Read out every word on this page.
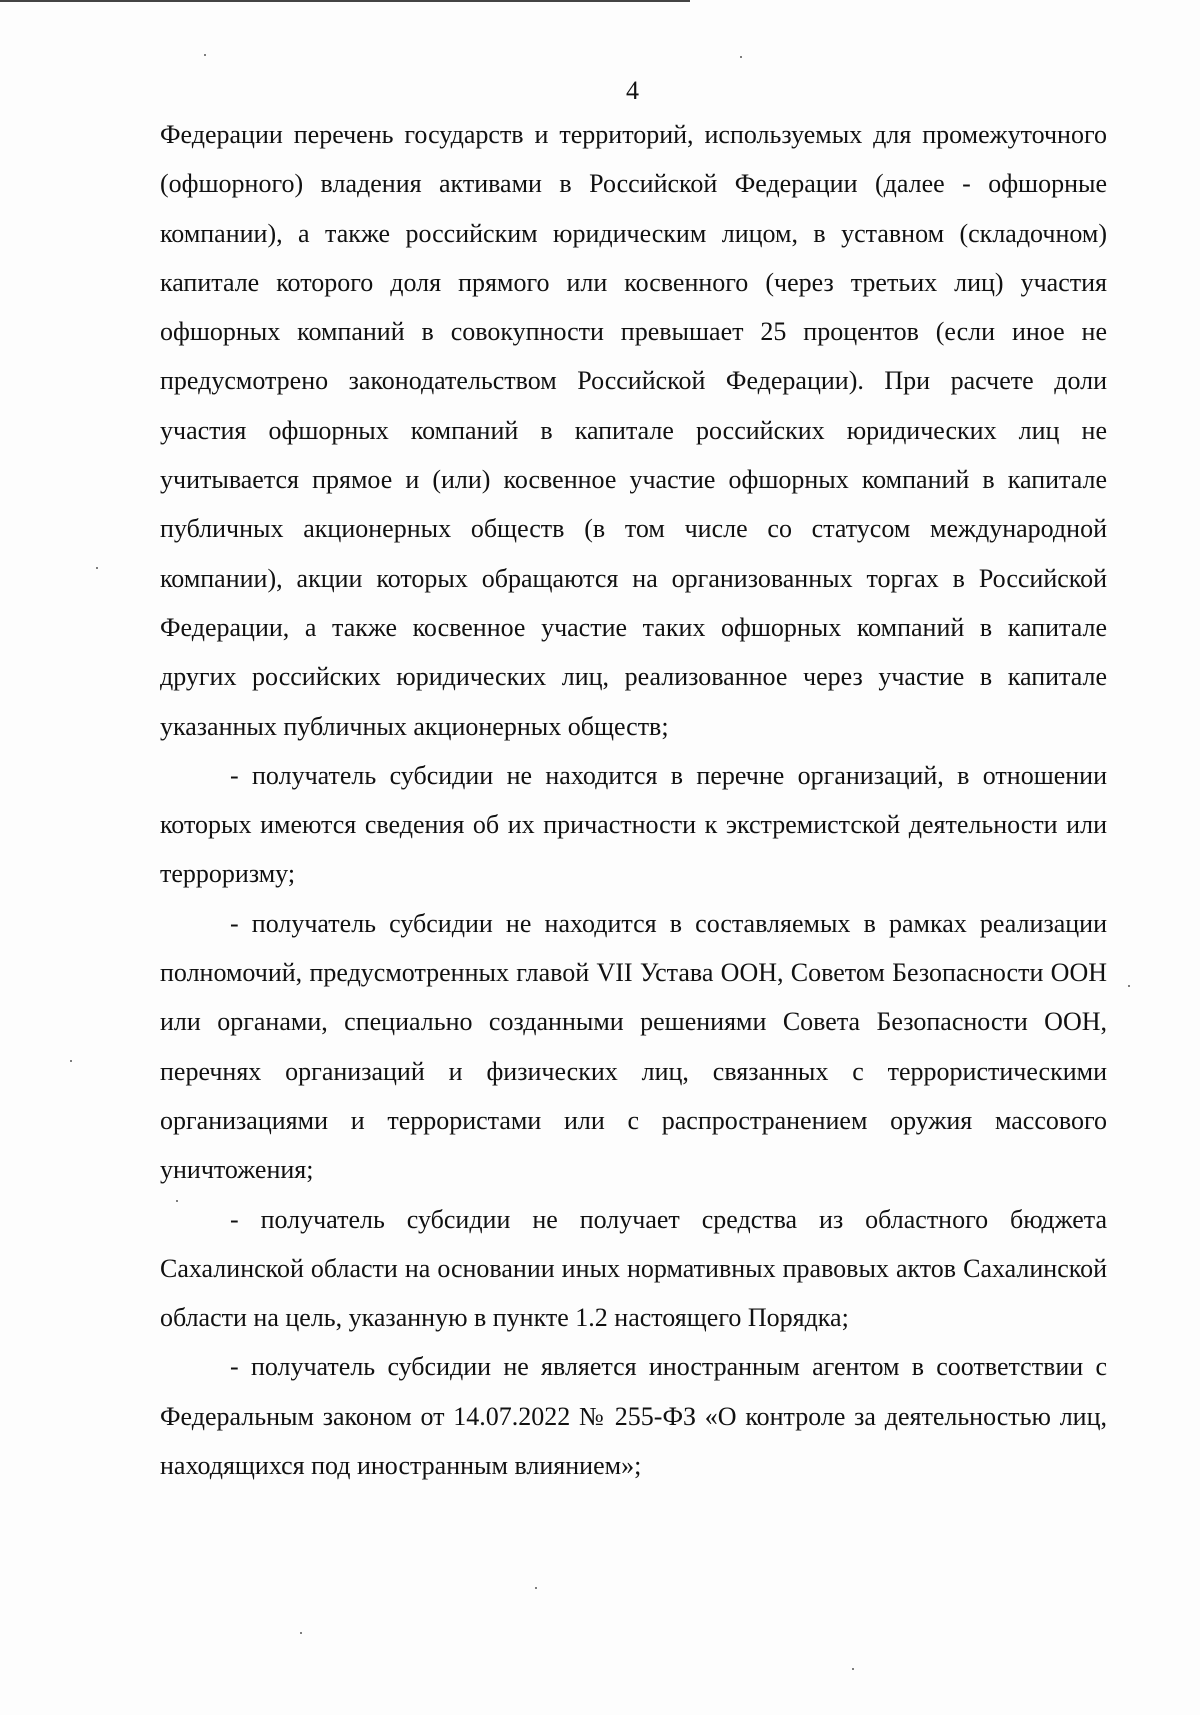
4

Федерации перечень государств и территорий, используемых для промежуточного (офшорного) владения активами в Российской Федерации (далее - офшорные компании), а также российским юридическим лицом, в уставном (складочном) капитале которого доля прямого или косвенного (через третьих лиц) участия офшорных компаний в совокупности превышает 25 процентов (если иное не предусмотрено законодательством Российской Федерации). При расчете доли участия офшорных компаний в капитале российских юридических лиц не учитывается прямое и (или) косвенное участие офшорных компаний в капитале публичных акционерных обществ (в том числе со статусом международной компании), акции которых обращаются на организованных торгах в Российской Федерации, а также косвенное участие таких офшорных компаний в капитале других российских юридических лиц, реализованное через участие в капитале указанных публичных акционерных обществ;

- получатель субсидии не находится в перечне организаций, в отношении которых имеются сведения об их причастности к экстремистской деятельности или терроризму;

- получатель субсидии не находится в составляемых в рамках реализации полномочий, предусмотренных главой VII Устава ООН, Советом Безопасности ООН или органами, специально созданными решениями Совета Безопасности ООН, перечнях организаций и физических лиц, связанных с террористическими организациями и террористами или с распространением оружия массового уничтожения;

- получатель субсидии не получает средства из областного бюджета Сахалинской области на основании иных нормативных правовых актов Сахалинской области на цель, указанную в пункте 1.2 настоящего Порядка;

- получатель субсидии не является иностранным агентом в соответствии с Федеральным законом от 14.07.2022 № 255-ФЗ «О контроле за деятельностью лиц, находящихся под иностранным влиянием»;
